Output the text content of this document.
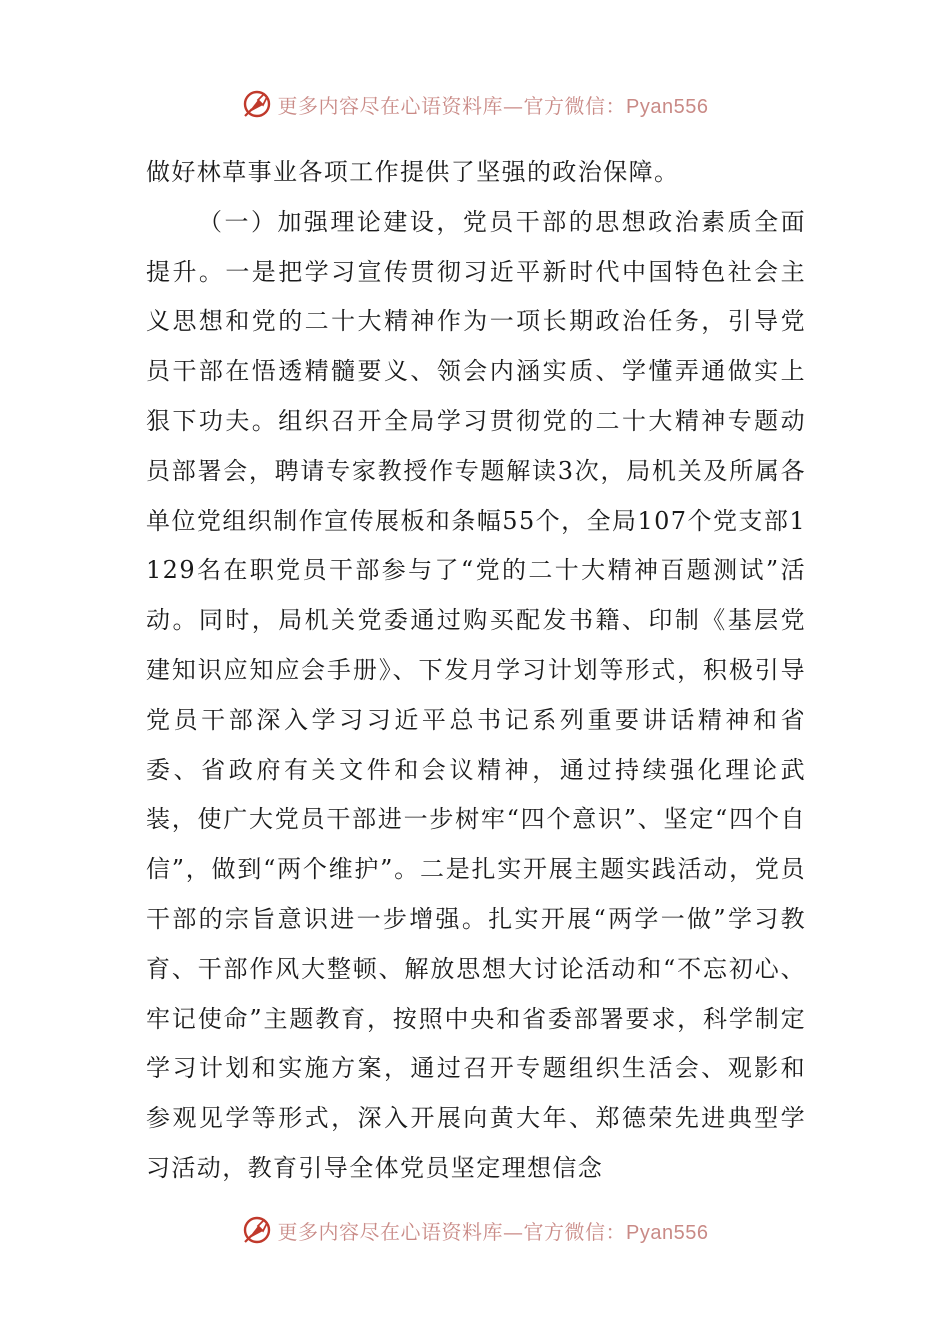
更多内容尽在心语资料库—官方微信：Pyan556

做好林草事业各项工作提供了坚强的政治保障。

（一）加强理论建设，党员干部的思想政治素质全面提升。一是把学习宣传贯彻习近平新时代中国特色社会主义思想和党的二十大精神作为一项长期政治任务，引导党员干部在悟透精髓要义、领会内涵实质、学懂弄通做实上狠下功夫。组织召开全局学习贯彻党的二十大精神专题动员部署会，聘请专家教授作专题解读3次，局机关及所属各单位党组织制作宣传展板和条幅55个，全局107个党支部1129名在职党员干部参与了“党的二十大精神百题测试”活动。同时，局机关党委通过购买配发书籍、印制《基层党建知识应知应会手册》、下发月学习计划等形式，积极引导党员干部深入学习习近平总书记系列重要讲话精神和省委、省政府有关文件和会议精神，通过持续强化理论武装，使广大党员干部进一步树牢“四个意识”、坚定“四个自信”，做到“两个维护”。二是扎实开展主题实践活动，党员干部的宗旨意识进一步增强。扎实开展“两学一做”学习教育、干部作风大整顿、解放思想大讨论活动和“不忘初心、牢记使命”主题教育，按照中央和省委部署要求，科学制定学习计划和实施方案，通过召开专题组织生活会、观影和参观见学等形式，深入开展向黄大年、郑德荣先进典型学习活动，教育引导全体党员坚定理想信念

更多内容尽在心语资料库—官方微信：Pyan556
